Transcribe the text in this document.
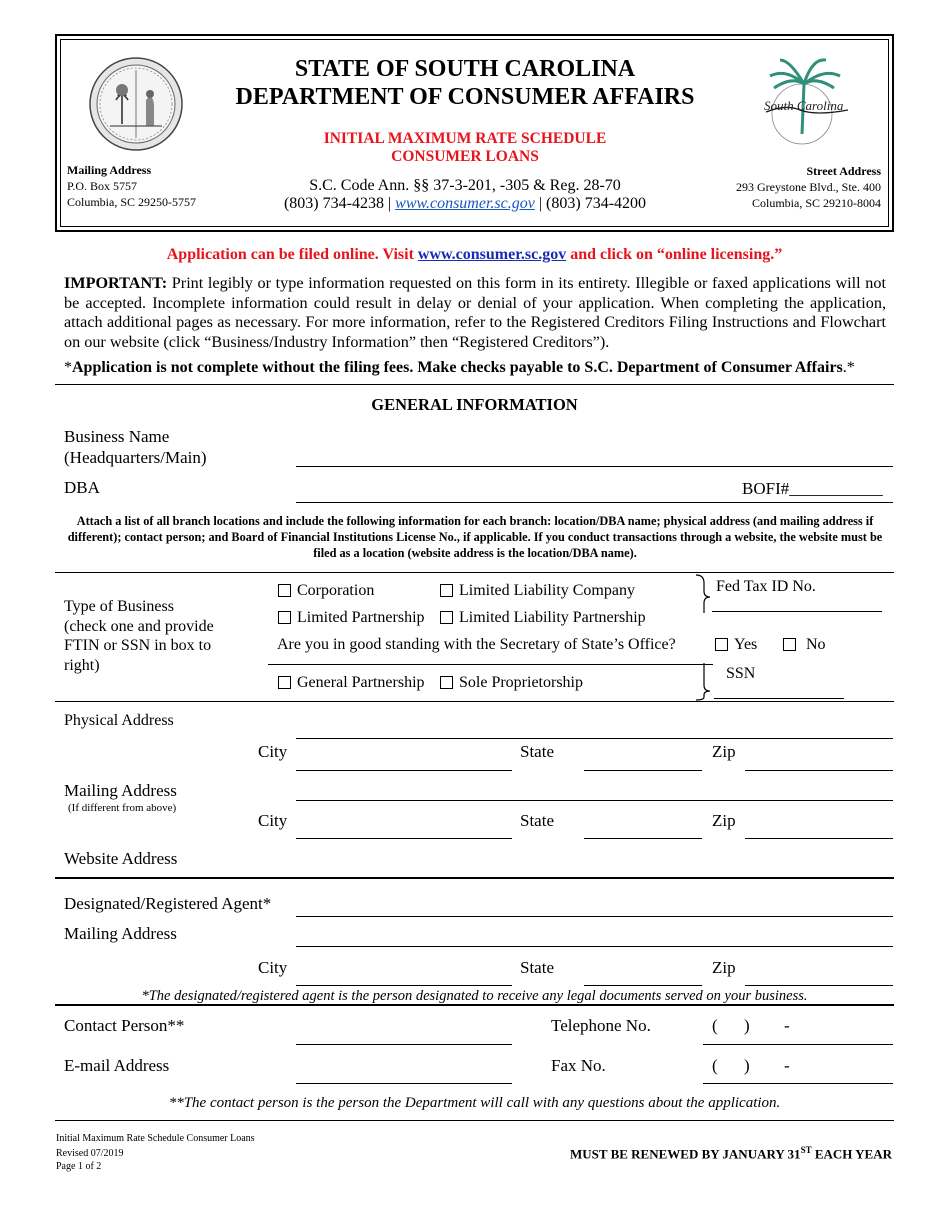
South Carolina
STATE OF SOUTH CAROLINA
DEPARTMENT OF CONSUMER AFFAIRS
INITIAL MAXIMUM RATE SCHEDULE
CONSUMER LOANS
S.C. Code Ann. §§ 37-3-201, -305 & Reg. 28-70
(803) 734-4238 | www.consumer.sc.gov | (803) 734-4200
Mailing Address
P.O. Box 5757
Columbia, SC 29250-5757
Street Address
293 Greystone Blvd., Ste. 400
Columbia, SC 29210-8004
Application can be filed online. Visit www.consumer.sc.gov and click on “online licensing.”
IMPORTANT: Print legibly or type information requested on this form in its entirety. Illegible or faxed applications will not be accepted. Incomplete information could result in delay or denial of your application. When completing the application, attach additional pages as necessary. For more information, refer to the Registered Creditors Filing Instructions and Flowchart on our website (click “Business/Industry Information” then “Registered Creditors”).
*Application is not complete without the filing fees. Make checks payable to S.C. Department of Consumer Affairs.*
GENERAL INFORMATION
Business Name
(Headquarters/Main)
DBA	BOFI#___________
Attach a list of all branch locations and include the following information for each branch: location/DBA name; physical address (and mailing address if different); contact person; and Board of Financial Institutions License No., if applicable. If you conduct transactions through a website, the website must be filed as a location (website address is the location/DBA name).
Type of Business
(check one and provide
FTIN or SSN in box to
right)
Corporation	Limited Liability Company
Limited Partnership Limited Liability Partnership
Are you in good standing with the Secretary of State’s Office?	Yes	No
General Partnership Sole Proprietorship
Fed Tax ID No.
SSN
Physical Address
City	State	Zip
Mailing Address
(If different from above)
City	State	Zip
Website Address
Designated/Registered Agent*
Mailing Address
City	State	Zip
*The designated/registered agent is the person designated to receive any legal documents served on your business.
Contact Person**	Telephone No.	( ) -
E-mail Address	Fax No.	( ) -
**The contact person is the person the Department will call with any questions about the application.
Initial Maximum Rate Schedule Consumer Loans
Revised 07/2019
Page 1 of 2
MUST BE RENEWED BY JANUARY 31ST EACH YEAR
